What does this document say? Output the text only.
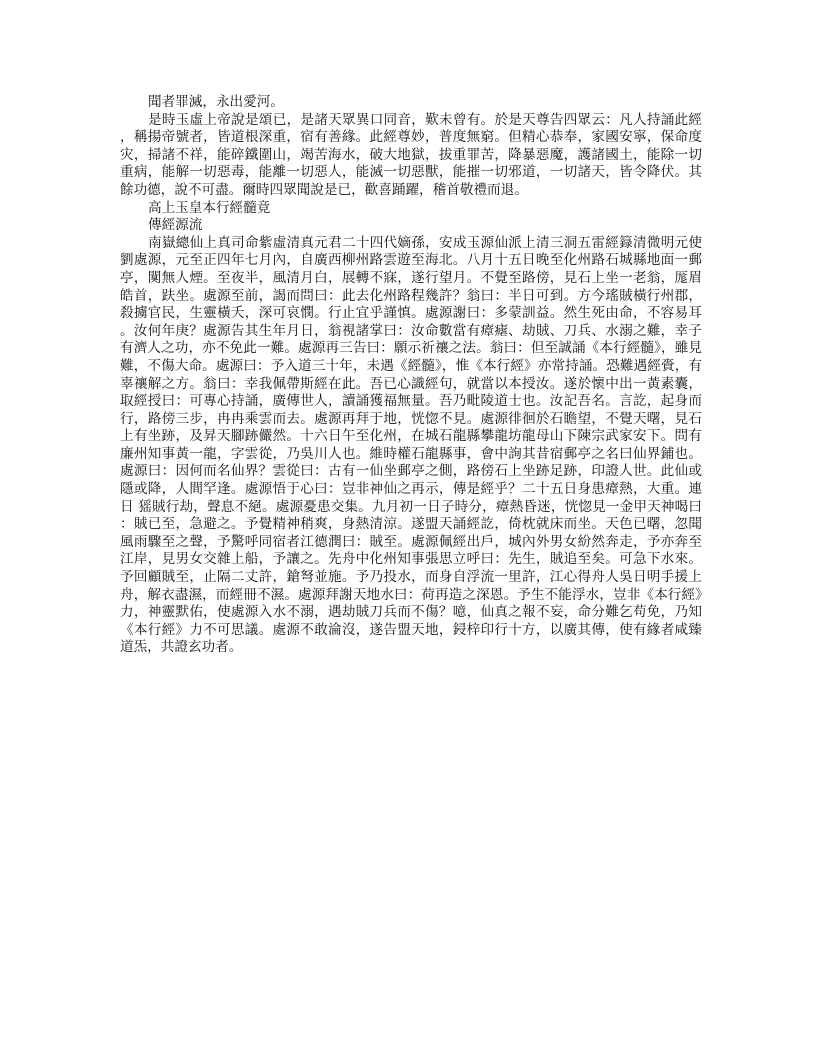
聞者罪滅，永出愛河。

是時玉虛上帝說是頌已，是諸天眾異口同音，歎未曾有。於是天尊告四眾云：凡人持誦此經，稱揚帝號者，皆道根深重，宿有善緣。此經尊妙，普度無窮。但精心恭奉，家國安寧，保命度灾，掃諸不祥，能碎鐵圍山，竭苦海水，破大地獄，拔重罪苦，降暴惡魔，護諸國土，能除一切重病，能解一切惡毒，能離一切惡人，能滅一切惡獸，能摧一切邪道，一切諸天，皆令降伏。其餘功德，說不可盡。爾時四眾聞說是已，歡喜踊躍，稽首敬禮而退。

高上玉皇本行經髓竟

傳經源流

南嶽總仙上真司命紫虛清真元君二十四代嫡孫，安成玉源仙派上清三洞五雷經籙清微明元使劉處源，元至正四年七月內，自廣西柳州路雲遊至海北。八月十五日晚至化州路石城縣地面一郵亭，闃無人煙。至夜半，風清月白，展轉不寐，遂行望月。不覺至路傍，見石上坐一老翁，厖眉皓首，趺坐。處源至前，謁而問曰：此去化州路程幾許？翁曰：半日可到。方今瑤賊橫行州郡，殺擄官民，生靈橫夭，深可哀憫。行止宜乎謹慎。處源謝曰：多蒙訓益。然生死由命，不容易耳。汝何年庚？處源告其生年月日，翁視諸掌曰：汝命數當有瘴瘧、劫賊、刀兵、水溺之難，幸子有濟人之功，亦不免此一難。處源再三告曰：願示祈禳之法。翁曰：但至誠誦《本行經髓》，雖見難，不傷大命。處源曰：予入道三十年，未遇《經髓》，惟《本行經》亦常持誦。恐難遇經賫，有辜禳解之方。翁曰：幸我佩帶斯經在此。吾已心識經句，就當以本授汝。遂於懷中出一黃素囊，取經授曰：可專心持誦，廣傳世人，讀誦獲福無量。吾乃毗陵道士也。汝記吾名。言訖，起身而行，路傍三步，冉冉乘雲而去。處源再拜于地，恍惚不見。處源徘徊於石瞻望，不覺天曙，見石上有坐跡，及昇天腳跡儼然。十六日午至化州，在城石龍縣攀龍坊龍母山下陳宗武家安下。問有廉州知事黃一龍，字雲從，乃吳川人也。維時權石龍縣事，會中詢其昔宿郵亭之名曰仙界鋪也。處源曰：因何而名仙界？雲從曰：古有一仙坐郵亭之側，路傍石上坐跡足跡，印證人世。此仙或隱或降，人間罕逢。處源悟于心曰：豈非神仙之再示，傳是經乎？二十五日身患瘴熱，大重。連日 猺賊行劫，聲息不絕。處源憂患交集。九月初一日子時分，瘴熱昏迷，恍惚見一金甲天神喝曰：賊已至，急避之。予覺精神稍爽，身熱清涼。遂盟天誦經訖，倚枕就床而坐。天色已曙，忽聞風雨驟至之聲，予驚呼同宿者江德潤曰：賊至。處源佩經出戶，城內外男女紛然奔走，予亦奔至江岸，見男女交雜上船，予讓之。先舟中化州知事張思立呼曰：先生，賊追至矣。可急下水來。予回顧賊至，止隔二丈許，鎗弩並施。予乃投水，而身自浮流一里許，江心得舟人吳日明手援上舟，解衣盡濕，而經冊不濕。處源拜謝天地水曰：荷再造之深恩。予生不能浮水，豈非《本行經》力，神靈默佑，使處源入水不溺，遇劫賊刀兵而不傷？噫，仙真之報不妄，命分難乞苟免，乃知《本行經》力不可思議。處源不敢淪沒，遂告盟天地，鋟梓印行十方，以廣其傳，使有緣者咸臻道炁，共證玄功者。
